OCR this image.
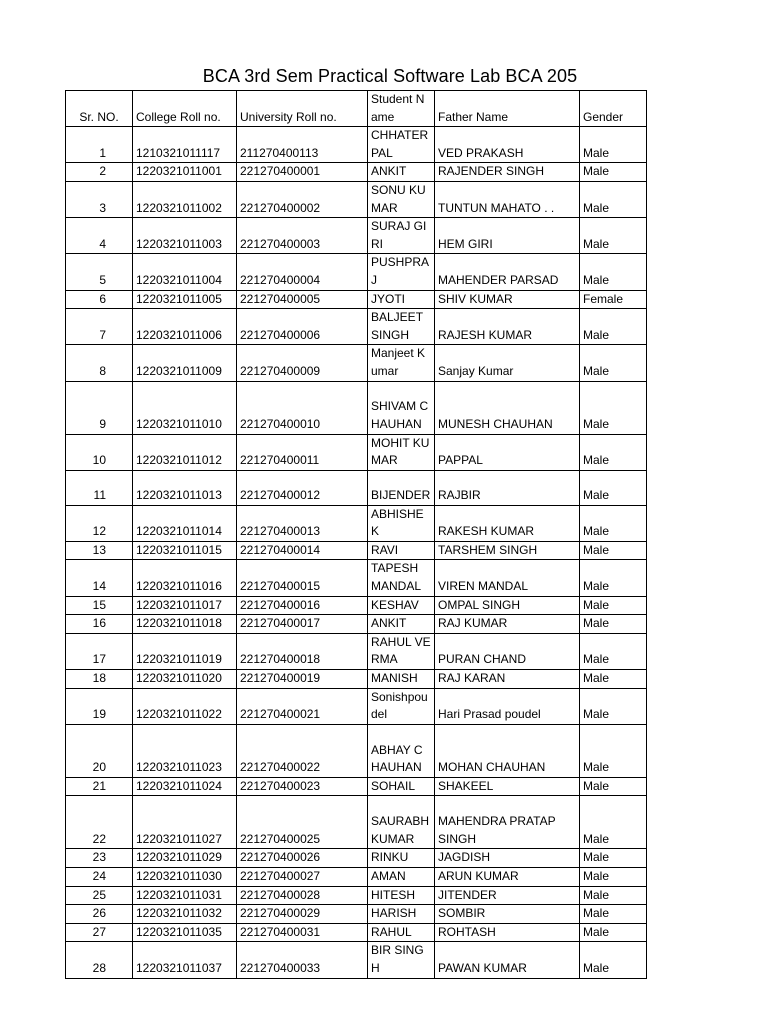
BCA 3rd Sem Practical Software Lab BCA 205
Sr. NO.	College Roll no.	University Roll no.	Student Name	Father Name	Gender
1	1210321011117	211270400113	CHHATER PAL	VED PRAKASH	Male
2	1220321011001	221270400001	ANKIT	RAJENDER SINGH	Male
3	1220321011002	221270400002	SONU KUMAR	TUNTUN MAHATO . .	Male
4	1220321011003	221270400003	SURAJ GIRI	HEM GIRI	Male
5	1220321011004	221270400004	PUSHPRAJ	MAHENDER PARSAD	Male
6	1220321011005	221270400005	JYOTI	SHIV KUMAR	Female
7	1220321011006	221270400006	BALJEET SINGH	RAJESH KUMAR	Male
8	1220321011009	221270400009	Manjeet Kumar	Sanjay Kumar	Male
9	1220321011010	221270400010	SHIVAM CHAUHAN	MUNESH CHAUHAN	Male
10	1220321011012	221270400011	MOHIT KUMAR	PAPPAL	Male
11	1220321011013	221270400012	BIJENDER	RAJBIR	Male
12	1220321011014	221270400013	ABHISHEK	RAKESH KUMAR	Male
13	1220321011015	221270400014	RAVI	TARSHEM SINGH	Male
14	1220321011016	221270400015	TAPESH MANDAL	VIREN MANDAL	Male
15	1220321011017	221270400016	KESHAV	OMPAL SINGH	Male
16	1220321011018	221270400017	ANKIT	RAJ KUMAR	Male
17	1220321011019	221270400018	RAHUL VERMA	PURAN CHAND	Male
18	1220321011020	221270400019	MANISH	RAJ KARAN	Male
19	1220321011022	221270400021	Sonishpoudel	Hari Prasad poudel	Male
20	1220321011023	221270400022	ABHAY CHAUHAN	MOHAN CHAUHAN	Male
21	1220321011024	221270400023	SOHAIL	SHAKEEL	Male
22	1220321011027	221270400025	SAURABH KUMAR	MAHENDRA PRATAP SINGH	Male
23	1220321011029	221270400026	RINKU	JAGDISH	Male
24	1220321011030	221270400027	AMAN	ARUN KUMAR	Male
25	1220321011031	221270400028	HITESH	JITENDER	Male
26	1220321011032	221270400029	HARISH	SOMBIR	Male
27	1220321011035	221270400031	RAHUL	ROHTASH	Male
28	1220321011037	221270400033	BIR SINGH	PAWAN KUMAR	Male
